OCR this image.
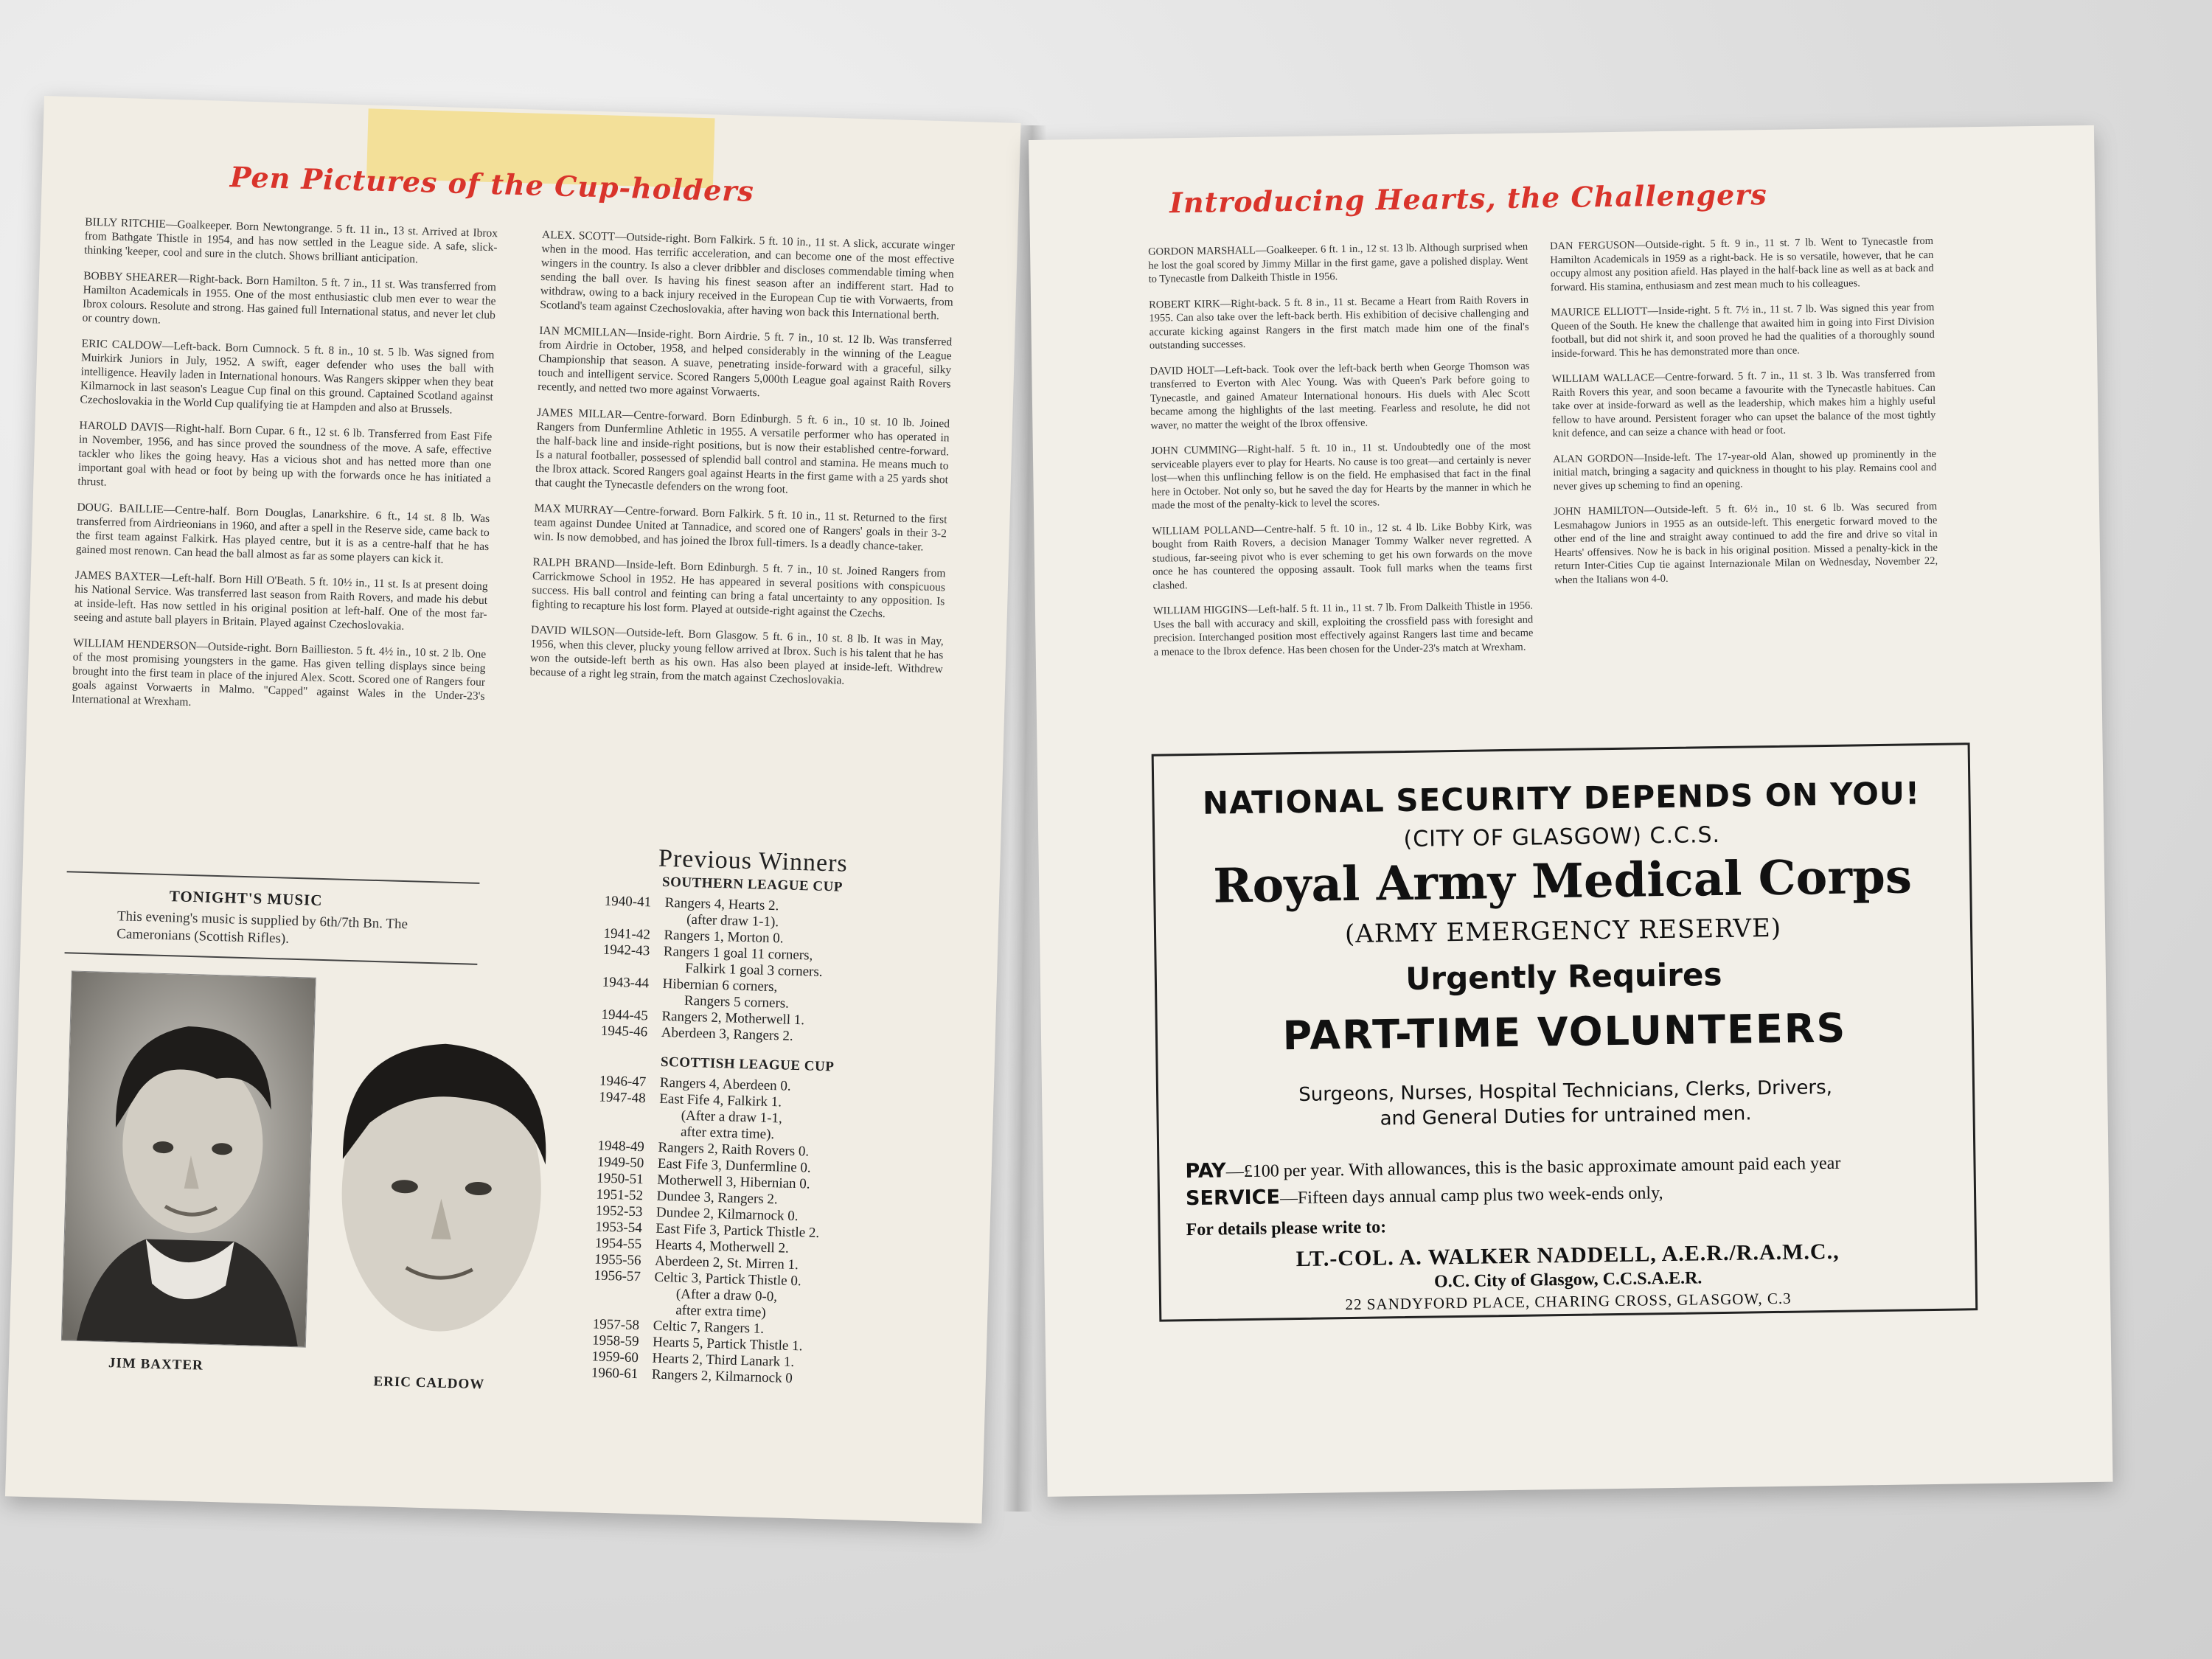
Pen Pictures of the Cup-holders

BILLY RITCHIE—Goalkeeper. Born Newtongrange. 5 ft. 11 in., 13 st. Arrived at Ibrox from Bathgate Thistle in 1954, and has now settled in the League side. A safe, slick-thinking 'keeper, cool and sure in the clutch. Shows brilliant anticipation.

BOBBY SHEARER—Right-back. Born Hamilton. 5 ft. 7 in., 11 st. Was transferred from Hamilton Academicals in 1955. One of the most enthusiastic club men ever to wear the Ibrox colours. Resolute and strong. Has gained full International status, and never let club or country down.

ERIC CALDOW—Left-back. Born Cumnock. 5 ft. 8 in., 10 st. 5 lb. Was signed from Muirkirk Juniors in July, 1952. A swift, eager defender who uses the ball with intelligence. Heavily laden in International honours. Was Rangers skipper when they beat Kilmarnock in last season's League Cup final on this ground. Captained Scotland against Czechoslovakia in the World Cup qualifying tie at Hampden and also at Brussels.

HAROLD DAVIS—Right-half. Born Cupar. 6 ft., 12 st. 6 lb. Transferred from East Fife in November, 1956, and has since proved the soundness of the move. A safe, effective tackler who likes the going heavy. Has a vicious shot and has netted more than one important goal with head or foot by being up with the forwards once he has initiated a thrust.

DOUG. BAILLIE—Centre-half. Born Douglas, Lanarkshire. 6 ft., 14 st. 8 lb. Was transferred from Airdrieonians in 1960, and after a spell in the Reserve side, came back to the first team against Falkirk. Has played centre, but it is as a centre-half that he has gained most renown. Can head the ball almost as far as some players can kick it.

JAMES BAXTER—Left-half. Born Hill O'Beath. 5 ft. 10½ in., 11 st. Is at present doing his National Service. Was transferred last season from Raith Rovers, and made his debut at inside-left. Has now settled in his original position at left-half. One of the most far-seeing and astute ball players in Britain. Played against Czechoslovakia.

WILLIAM HENDERSON—Outside-right. Born Baillieston. 5 ft. 4½ in., 10 st. 2 lb. One of the most promising youngsters in the game. Has given telling displays since being brought into the first team in place of the injured Alex. Scott. Scored one of Rangers four goals against Vorwaerts in Malmo. "Capped" against Wales in the Under-23's International at Wrexham.

ALEX. SCOTT—Outside-right. Born Falkirk. 5 ft. 10 in., 11 st. A slick, accurate winger when in the mood. Has terrific acceleration, and can become one of the most effective wingers in the country. Is also a clever dribbler and discloses commendable timing when sending the ball over. Is having his finest season after an indifferent start. Had to withdraw, owing to a back injury received in the European Cup tie with Vorwaerts, from Scotland's team against Czechoslovakia, after having won back this International berth.

IAN MCMILLAN—Inside-right. Born Airdrie. 5 ft. 7 in., 10 st. 12 lb. Was transferred from Airdrie in October, 1958, and helped considerably in the winning of the League Championship that season. A suave, penetrating inside-forward with a graceful, silky touch and intelligent service. Scored Rangers 5,000th League goal against Raith Rovers recently, and netted two more against Vorwaerts.

JAMES MILLAR—Centre-forward. Born Edinburgh. 5 ft. 6 in., 10 st. 10 lb. Joined Rangers from Dunfermline Athletic in 1955. A versatile performer who has operated in the half-back line and inside-right positions, but is now their established centre-forward. Is a natural footballer, possessed of splendid ball control and stamina. He means much to the Ibrox attack. Scored Rangers goal against Hearts in the first game with a 25 yards shot that caught the Tynecastle defenders on the wrong foot.

MAX MURRAY—Centre-forward. Born Falkirk. 5 ft. 10 in., 11 st. Returned to the first team against Dundee United at Tannadice, and scored one of Rangers' goals in their 3-2 win. Is now demobbed, and has joined the Ibrox full-timers. Is a deadly chance-taker.

RALPH BRAND—Inside-left. Born Edinburgh. 5 ft. 7 in., 10 st. Joined Rangers from Carrickmowe School in 1952. He has appeared in several positions with conspicuous success. His ball control and feinting can bring a fatal uncertainty to any opposition. Is fighting to recapture his lost form. Played at outside-right against the Czechs.

DAVID WILSON—Outside-left. Born Glasgow. 5 ft. 6 in., 10 st. 8 lb. It was in May, 1956, when this clever, plucky young fellow arrived at Ibrox. Such is his talent that he has won the outside-left berth as his own. Has also been played at inside-left. Withdrew because of a right leg strain, from the match against Czechoslovakia.

TONIGHT'S MUSIC
This evening's music is supplied by 6th/7th Bn. The Cameronians (Scottish Rifles).
Previous Winners
SOUTHERN LEAGUE CUP
1940-41 Rangers 4, Hearts 2.
(after draw 1-1).
1941-42 Rangers 1, Morton 0.
1942-43 Rangers 1 goal 11 corners,
Falkirk 1 goal 3 corners.
1943-44 Hibernian 6 corners,
Rangers 5 corners.
1944-45 Rangers 2, Motherwell 1.
1945-46 Aberdeen 3, Rangers 2.
SCOTTISH LEAGUE CUP
1946-47 Rangers 4, Aberdeen 0.
1947-48 East Fife 4, Falkirk 1.
(After a draw 1-1,
after extra time).
1948-49 Rangers 2, Raith Rovers 0.
1949-50 East Fife 3, Dunfermline 0.
1950-51 Motherwell 3, Hibernian 0.
1951-52 Dundee 3, Rangers 2.
1952-53 Dundee 2, Kilmarnock 0.
1953-54 East Fife 3, Partick Thistle 2.
1954-55 Hearts 4, Motherwell 2.
1955-56 Aberdeen 2, St. Mirren 1.
1956-57 Celtic 3, Partick Thistle 0.
(After a draw 0-0,
after extra time)
1957-58 Celtic 7, Rangers 1.
1958-59 Hearts 5, Partick Thistle 1.
1959-60 Hearts 2, Third Lanark 1.
1960-61 Rangers 2, Kilmarnock 0
JIM BAXTER
ERIC CALDOW
Introducing Hearts, the Challengers

GORDON MARSHALL—Goalkeeper. 6 ft. 1 in., 12 st. 13 lb. Although surprised when he lost the goal scored by Jimmy Millar in the first game, gave a polished display. Went to Tynecastle from Dalkeith Thistle in 1956.

ROBERT KIRK—Right-back. 5 ft. 8 in., 11 st. Became a Heart from Raith Rovers in 1955. Can also take over the left-back berth. His exhibition of decisive challenging and accurate kicking against Rangers in the first match made him one of the final's outstanding successes.

DAVID HOLT—Left-back. Took over the left-back berth when George Thomson was transferred to Everton with Alec Young. Was with Queen's Park before going to Tynecastle, and gained Amateur International honours. His duels with Alec Scott became among the highlights of the last meeting. Fearless and resolute, he did not waver, no matter the weight of the Ibrox offensive.

JOHN CUMMING—Right-half. 5 ft. 10 in., 11 st. Undoubtedly one of the most serviceable players ever to play for Hearts. No cause is too great—and certainly is never lost—when this unflinching fellow is on the field. He emphasised that fact in the final here in October. Not only so, but he saved the day for Hearts by the manner in which he made the most of the penalty-kick to level the scores.

WILLIAM POLLAND—Centre-half. 5 ft. 10 in., 12 st. 4 lb. Like Bobby Kirk, was bought from Raith Rovers, a decision Manager Tommy Walker never regretted. A studious, far-seeing pivot who is ever scheming to get his own forwards on the move once he has countered the opposing assault. Took full marks when the teams first clashed.

WILLIAM HIGGINS—Left-half. 5 ft. 11 in., 11 st. 7 lb. From Dalkeith Thistle in 1956. Uses the ball with accuracy and skill, exploiting the crossfield pass with foresight and precision. Interchanged position most effectively against Rangers last time and became a menace to the Ibrox defence. Has been chosen for the Under-23's match at Wrexham.

DAN FERGUSON—Outside-right. 5 ft. 9 in., 11 st. 7 lb. Went to Tynecastle from Hamilton Academicals in 1959 as a right-back. He is so versatile, however, that he can occupy almost any position afield. Has played in the half-back line as well as at back and forward. His stamina, enthusiasm and zest mean much to his colleagues.

MAURICE ELLIOTT—Inside-right. 5 ft. 7½ in., 11 st. 7 lb. Was signed this year from Queen of the South. He knew the challenge that awaited him in going into First Division football, but did not shirk it, and soon proved he had the qualities of a thoroughly sound inside-forward. This he has demonstrated more than once.

WILLIAM WALLACE—Centre-forward. 5 ft. 7 in., 11 st. 3 lb. Was transferred from Raith Rovers this year, and soon became a favourite with the Tynecastle habitues. Can take over at inside-forward as well as the leadership, which makes him a highly useful fellow to have around. Persistent forager who can upset the balance of the most tightly knit defence, and can seize a chance with head or foot.

ALAN GORDON—Inside-left. The 17-year-old Alan, showed up prominently in the initial match, bringing a sagacity and quickness in thought to his play. Remains cool and never gives up scheming to find an opening.

JOHN HAMILTON—Outside-left. 5 ft. 6½ in., 10 st. 6 lb. Was secured from Lesmahagow Juniors in 1955 as an outside-left. This energetic forward moved to the other end of the line and straight away continued to add the fire and drive so vital in Hearts' offensives. Now he is back in his original position. Missed a penalty-kick in the return Inter-Cities Cup tie against Internazionale Milan on Wednesday, November 22, when the Italians won 4-0.

NATIONAL SECURITY DEPENDS ON YOU!
(CITY OF GLASGOW) C.C.S.
Royal Army Medical Corps
(ARMY EMERGENCY RESERVE)
Urgently Requires
PART-TIME VOLUNTEERS
Surgeons, Nurses, Hospital Technicians, Clerks, Drivers,
and General Duties for untrained men.
PAY—£100 per year. With allowances, this is the basic approximate amount paid each year
SERVICE—Fifteen days annual camp plus two week-ends only,
For details please write to:
LT.-COL. A. WALKER NADDELL, A.E.R./R.A.M.C.,
O.C. City of Glasgow, C.C.S.A.E.R.
22 SANDYFORD PLACE, CHARING CROSS, GLASGOW, C.3
